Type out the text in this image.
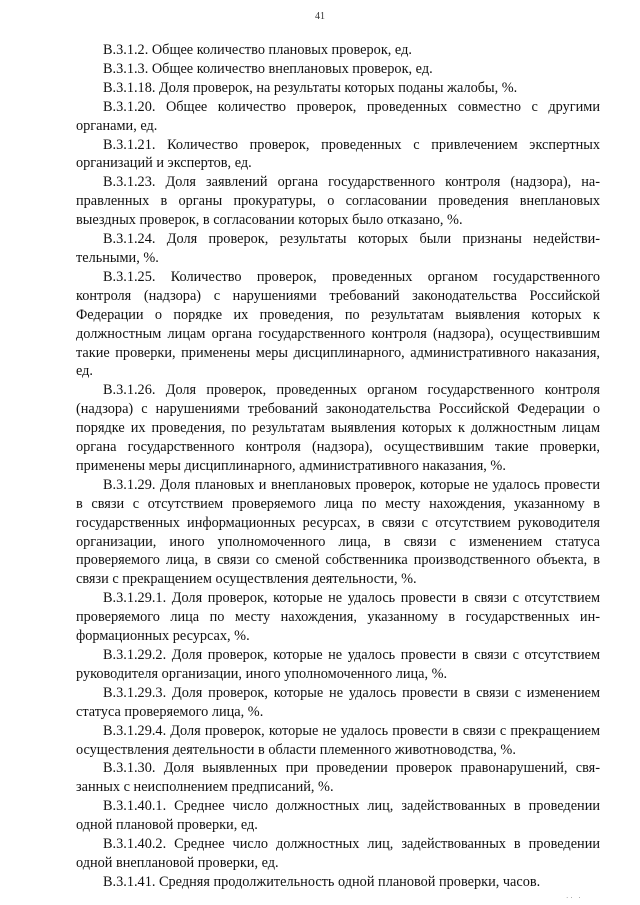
41

В.3.1.2. Общее количество плановых проверок, ед.

В.3.1.3. Общее количество внеплановых проверок, ед.

В.3.1.18. Доля проверок, на результаты которых поданы жалобы, %.

В.3.1.20. Общее количество проверок, проведенных совместно с другими органами, ед.

В.3.1.21. Количество проверок, проведенных с привлечением экспертных организаций и экспертов, ед.

В.3.1.23. Доля заявлений органа государственного контроля (надзора), направленных в органы прокуратуры, о согласовании проведения внеплановых выездных проверок, в согласовании которых было отказано, %.

В.3.1.24. Доля проверок, результаты которых были признаны недействительными, %.

В.3.1.25. Количество проверок, проведенных органом государственного контроля (надзора) с нарушениями требований законодательства Российской Федерации о порядке их проведения, по результатам выявления которых к должностным лицам органа государственного контроля (надзора), осуществившим такие проверки, применены меры дисциплинарного, административного наказания, ед.

В.3.1.26. Доля проверок, проведенных органом государственного контроля (надзора) с нарушениями требований законодательства Российской Федерации о порядке их проведения, по результатам выявления которых к должностным лицам органа государственного контроля (надзора), осуществившим такие проверки, применены меры дисциплинарного, административного наказания, %.

В.3.1.29. Доля плановых и внеплановых проверок, которые не удалось провести в связи с отсутствием проверяемого лица по месту нахождения, указанному в государственных информационных ресурсах, в связи с отсутствием руководителя организации, иного уполномоченного лица, в связи с изменением статуса проверяемого лица, в связи со сменой собственника производственного объекта, в связи с прекращением осуществления деятельности, %.

В.3.1.29.1. Доля проверок, которые не удалось провести в связи с отсутствием проверяемого лица по месту нахождения, указанному в государственных информационных ресурсах, %.

В.3.1.29.2. Доля проверок, которые не удалось провести в связи с отсутствием руководителя организации, иного уполномоченного лица, %.

В.3.1.29.3. Доля проверок, которые не удалось провести в связи с изменением статуса проверяемого лица, %.

В.3.1.29.4. Доля проверок, которые не удалось провести в связи с прекращением осуществления деятельности в области племенного животноводства, %.

В.3.1.30. Доля выявленных при проведении проверок правонарушений, связанных с неисполнением предписаний, %.

В.3.1.40.1. Среднее число должностных лиц, задействованных в проведении одной плановой проверки, ед.

В.3.1.40.2. Среднее число должностных лиц, задействованных в проведении одной внеплановой проверки, ед.

В.3.1.41. Средняя продолжительность одной плановой проверки, часов.

·· ·
